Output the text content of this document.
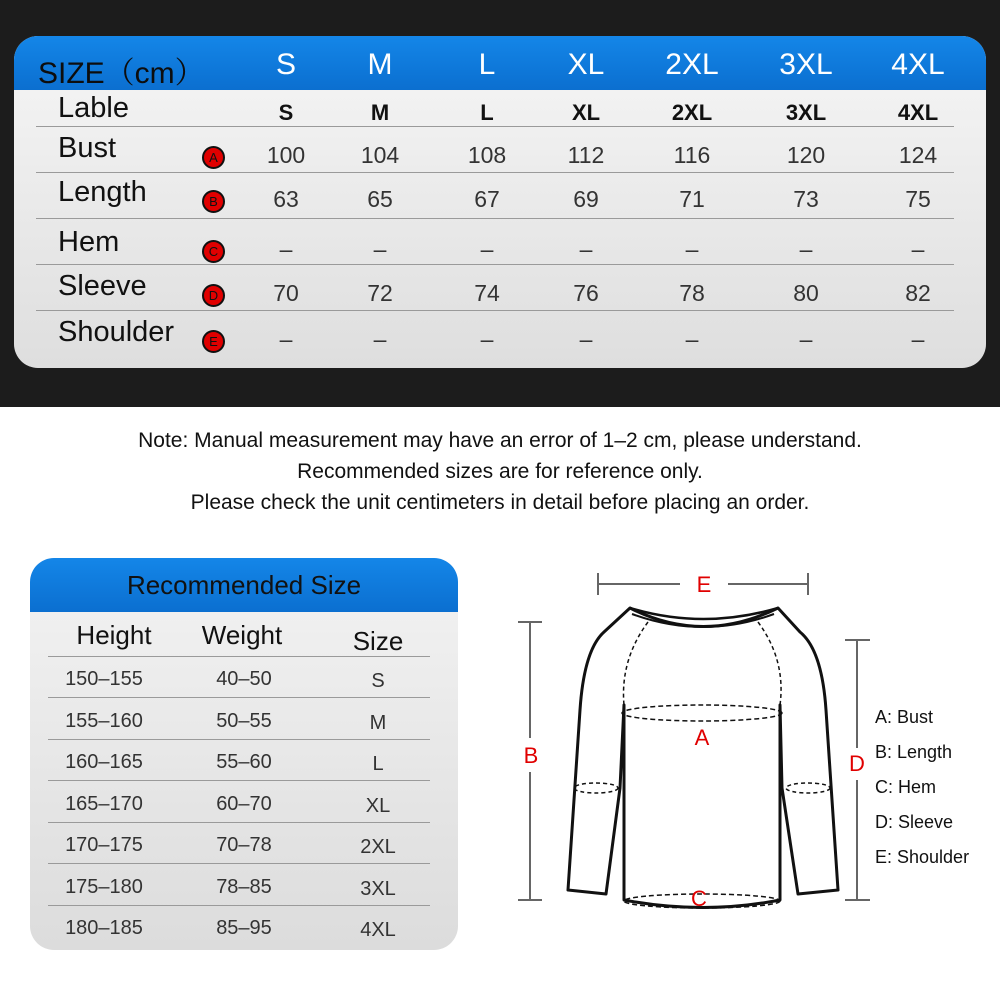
SIZE（cm）	S	M	L	XL	2XL	3XL	4XL
Lable	S	M	L	XL	2XL	3XL	4XL
Bust	A	100	104	108	112	116	120	124
Length	B	63	65	67	69	71	73	75
Hem	C	–	–	–	–	–	–	–
Sleeve	D	70	72	74	76	78	80	82
Shoulder	E	–	–	–	–	–	–	–
Note: Manual measurement may have an error of 1–2 cm, please understand.
Recommended sizes are for reference only.
Please check the unit centimeters in detail before placing an order.
Recommended Size
Height Weight	Size
150–155	40–50	S
155–160	50–55	M
160–165	55–60	L
165–170	60–70	XL
170–175	70–78	2XL
175–180	78–85	3XL
180–185	85–95	4XL
E
B
A
D
C
A: Bust
B: Length
C: Hem
D: Sleeve
E: Shoulder
